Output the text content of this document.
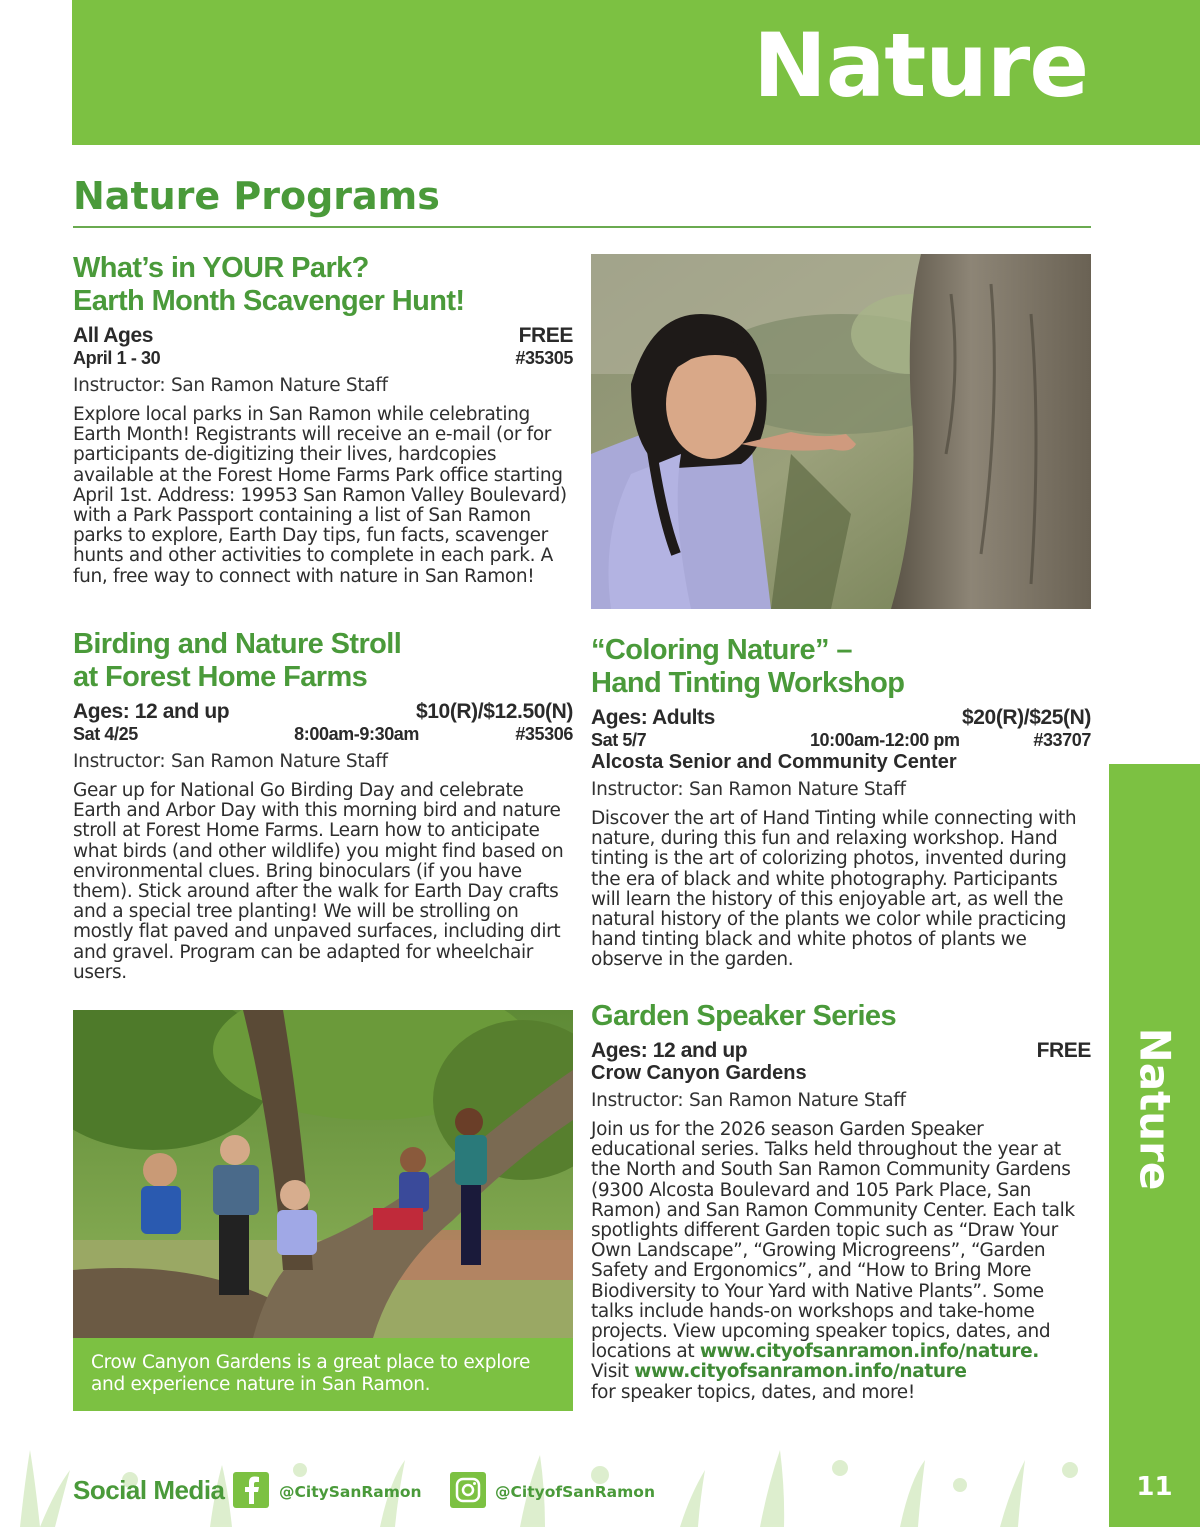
Nature
Nature Programs
What’s in YOUR Park?
Earth Month Scavenger Hunt!
All Ages	FREE
April 1 - 30	#35305
Instructor: San Ramon Nature Staff
Explore local parks in San Ramon while celebrating Earth Month! Registrants will receive an e-mail (or for participants de-digitizing their lives, hardcopies available at the Forest Home Farms Park office starting April 1st. Address: 19953 San Ramon Valley Boulevard) with a Park Passport containing a list of San Ramon parks to explore, Earth Day tips, fun facts, scavenger hunts and other activities to complete in each park. A fun, free way to connect with nature in San Ramon!
Birding and Nature Stroll
at Forest Home Farms
Ages: 12 and up	$10(R)/$12.50(N)
Sat 4/25	8:00am-9:30am	#35306
Instructor: San Ramon Nature Staff
Gear up for National Go Birding Day and celebrate Earth and Arbor Day with this morning bird and nature stroll at Forest Home Farms. Learn how to anticipate what birds (and other wildlife) you might find based on environmental clues. Bring binoculars (if you have them). Stick around after the walk for Earth Day crafts and a special tree planting! We will be strolling on mostly flat paved and unpaved surfaces, including dirt and gravel. Program can be adapted for wheelchair users.
“Coloring Nature” –
Hand Tinting Workshop
Ages: Adults	$20(R)/$25(N)
Sat 5/7	10:00am-12:00 pm	#33707
Alcosta Senior and Community Center
Instructor: San Ramon Nature Staff
Discover the art of Hand Tinting while connecting with nature, during this fun and relaxing workshop. Hand tinting is the art of colorizing photos, invented during the era of black and white photography. Participants will learn the history of this enjoyable art, as well the natural history of the plants we color while practicing hand tinting black and white photos of plants we observe in the garden.
Garden Speaker Series
Ages: 12 and up	FREE
Crow Canyon Gardens
Instructor: San Ramon Nature Staff
Join us for the 2026 season Garden Speaker educational series. Talks held throughout the year at the North and South San Ramon Community Gardens (9300 Alcosta Boulevard and 105 Park Place, San Ramon) and San Ramon Community Center. Each talk spotlights different Garden topic such as “Draw Your Own Landscape”, “Growing Microgreens”, “Garden Safety and Ergonomics”, and “How to Bring More Biodiversity to Your Yard with Native Plants”. Some talks include hands-on workshops and take-home projects. View upcoming speaker topics, dates, and locations at www.cityofsanramon.info/nature.
Visit www.cityofsanramon.info/nature
for speaker topics, dates, and more!
Crow Canyon Gardens is a great place to explore and experience nature in San Ramon.
Nature
11
Social Media	@CitySanRamon	@CityofSanRamon
